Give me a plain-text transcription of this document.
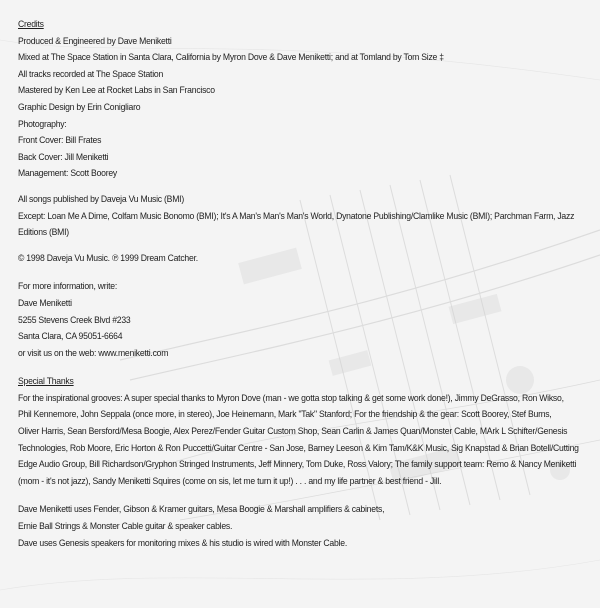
Credits
Produced & Engineered by Dave Meniketti
Mixed at The Space Station in Santa Clara, California by Myron Dove & Dave Meniketti; and at Tomland by Tom Size ‡
All tracks recorded at The Space Station
Mastered by Ken Lee at Rocket Labs in San Francisco
Graphic Design by Erin Conigliaro
Photography:
Front Cover: Bill Frates
Back Cover: Jill Meniketti
Management: Scott Boorey
All songs published by Daveja Vu Music (BMI)
Except: Loan Me A Dime, Colfam Music Bonomo (BMI); It's A Man's Man's Man's World, Dynatone Publishing/Clamlike Music (BMI); Parchman Farm, Jazz
Editions (BMI)
© 1998 Daveja Vu Music. ℗ 1999 Dream Catcher.
For more information, write:
Dave Meniketti
5255 Stevens Creek Blvd #233
Santa Clara, CA 95051-6664
or visit us on the web: www.meniketti.com
Special Thanks
For the inspirational grooves: A super special thanks to Myron Dove (man - we gotta stop talking & get some work done!), Jimmy DeGrasso, Ron Wikso,
Phil Kennemore, John Seppala (once more, in stereo), Joe Heinemann, Mark "Tak" Stanford; For the friendship & the gear: Scott Boorey, Stef Burns,
Oliver Harris, Sean Bersford/Mesa Boogie, Alex Perez/Fender Guitar Custom Shop, Sean Carlin & James Quan/Monster Cable, MArk L Schifter/Genesis
Technologies, Rob Moore, Eric Horton & Ron Puccetti/Guitar Centre - San Jose, Barney Leeson & Kim Tam/K&K Music, Sig Knapstad & Brian Botell/Cutting
Edge Audio Group, Bill Richardson/Gryphon Stringed Instruments, Jeff Minnery, Tom Duke, Ross Valory; The family support team: Remo & Nancy Meniketti
(mom - it's not jazz), Sandy Meniketti Squires (come on sis, let me turn it up!) . . . and my life partner & best friend - Jill.
Dave Meniketti uses Fender, Gibson & Kramer guitars, Mesa Boogie & Marshall amplifiers & cabinets,
Ernie Ball Strings & Monster Cable guitar & speaker cables.
Dave uses Genesis speakers for monitoring mixes & his studio is wired with Monster Cable.
